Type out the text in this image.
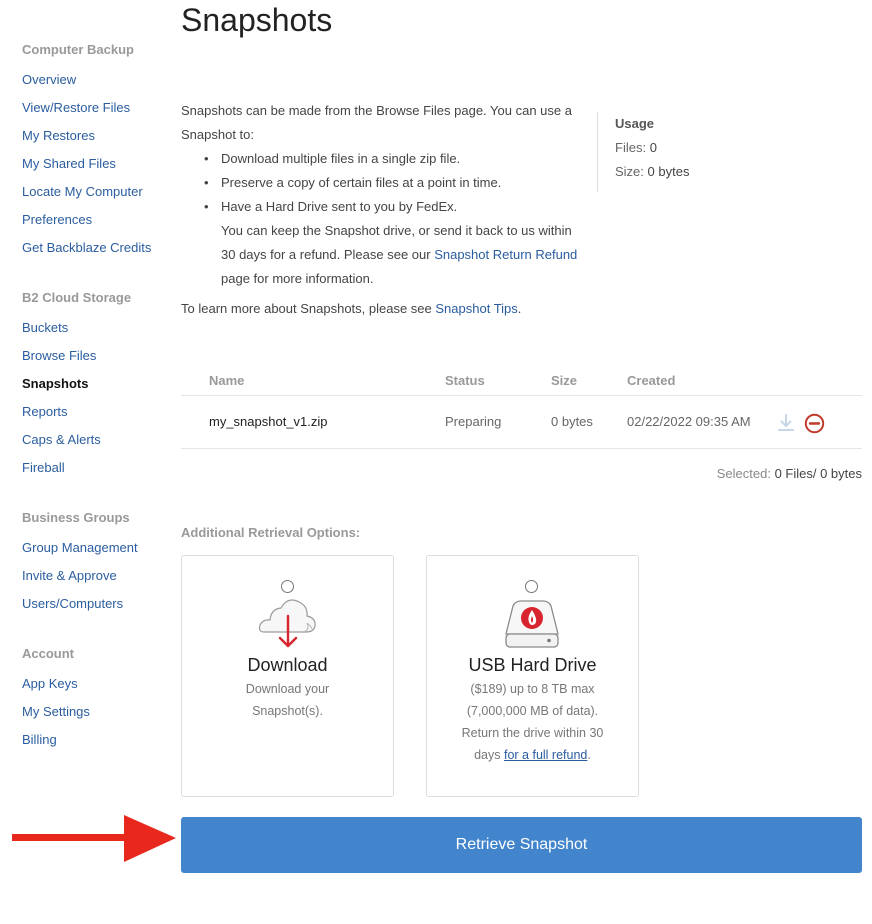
Computer Backup
Overview
View/Restore Files
My Restores
My Shared Files
Locate My Computer
Preferences
Get Backblaze Credits
B2 Cloud Storage
Buckets
Browse Files
Snapshots
Reports
Caps & Alerts
Fireball
Business Groups
Group Management
Invite & Approve
Users/Computers
Account
App Keys
My Settings
Billing
Snapshots
Snapshots can be made from the Browse Files page. You can use a Snapshot to:
• Download multiple files in a single zip file.
• Preserve a copy of certain files at a point in time.
• Have a Hard Drive sent to you by FedEx.
You can keep the Snapshot drive, or send it back to us within 30 days for a refund. Please see our Snapshot Return Refund page for more information.
Usage
Files: 0
Size: 0 bytes
To learn more about Snapshots, please see Snapshot Tips.
Name	Status	Size	Created
my_snapshot_v1.zip	Preparing	0 bytes	02/22/2022 09:35 AM
Selected: 0 Files/ 0 bytes
Additional Retrieval Options:
Download
Download your Snapshot(s).
USB Hard Drive
($189) up to 8 TB max (7,000,000 MB of data). Return the drive within 30 days for a full refund.
Retrieve Snapshot
